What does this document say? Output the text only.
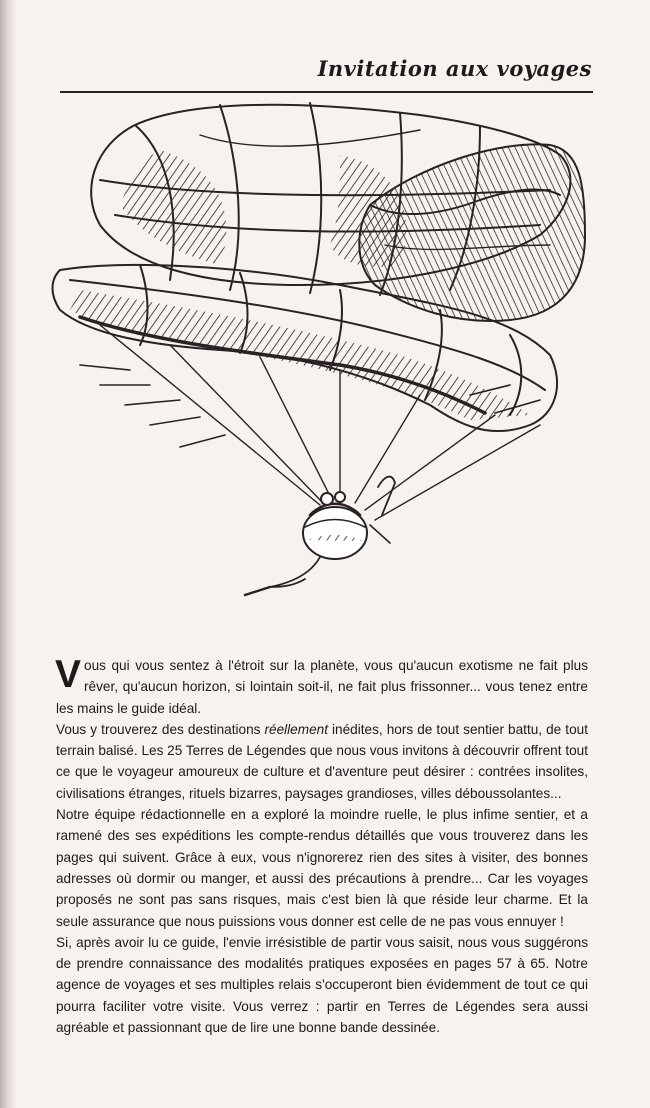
Invitation aux voyages

Vous qui vous sentez à l'étroit sur la planète, vous qu'aucun exotisme ne fait plus rêver, qu'aucun horizon, si lointain soit-il, ne fait plus frissonner... vous tenez entre les mains le guide idéal.

Vous y trouverez des destinations réellement inédites, hors de tout sentier battu, de tout terrain balisé. Les 25 Terres de Légendes que nous vous invitons à découvrir offrent tout ce que le voyageur amoureux de culture et d'aventure peut désirer : contrées insolites, civilisations étranges, rituels bizarres, paysages grandioses, villes déboussolantes...

Notre équipe rédactionnelle en a exploré la moindre ruelle, le plus infime sentier, et a ramené des ses expéditions les compte-rendus détaillés que vous trouverez dans les pages qui suivent. Grâce à eux, vous n'ignorerez rien des sites à visiter, des bonnes adresses où dormir ou manger, et aussi des précautions à prendre... Car les voyages proposés ne sont pas sans risques, mais c'est bien là que réside leur charme. Et la seule assurance que nous puissions vous donner est celle de ne pas vous ennuyer !

Si, après avoir lu ce guide, l'envie irrésistible de partir vous saisit, nous vous suggérons de prendre connaissance des modalités pratiques exposées en pages 57 à 65. Notre agence de voyages et ses multiples relais s'occuperont bien évidemment de tout ce qui pourra faciliter votre visite. Vous verrez : partir en Terres de Légendes sera aussi agréable et passionnant que de lire une bonne bande dessinée.
